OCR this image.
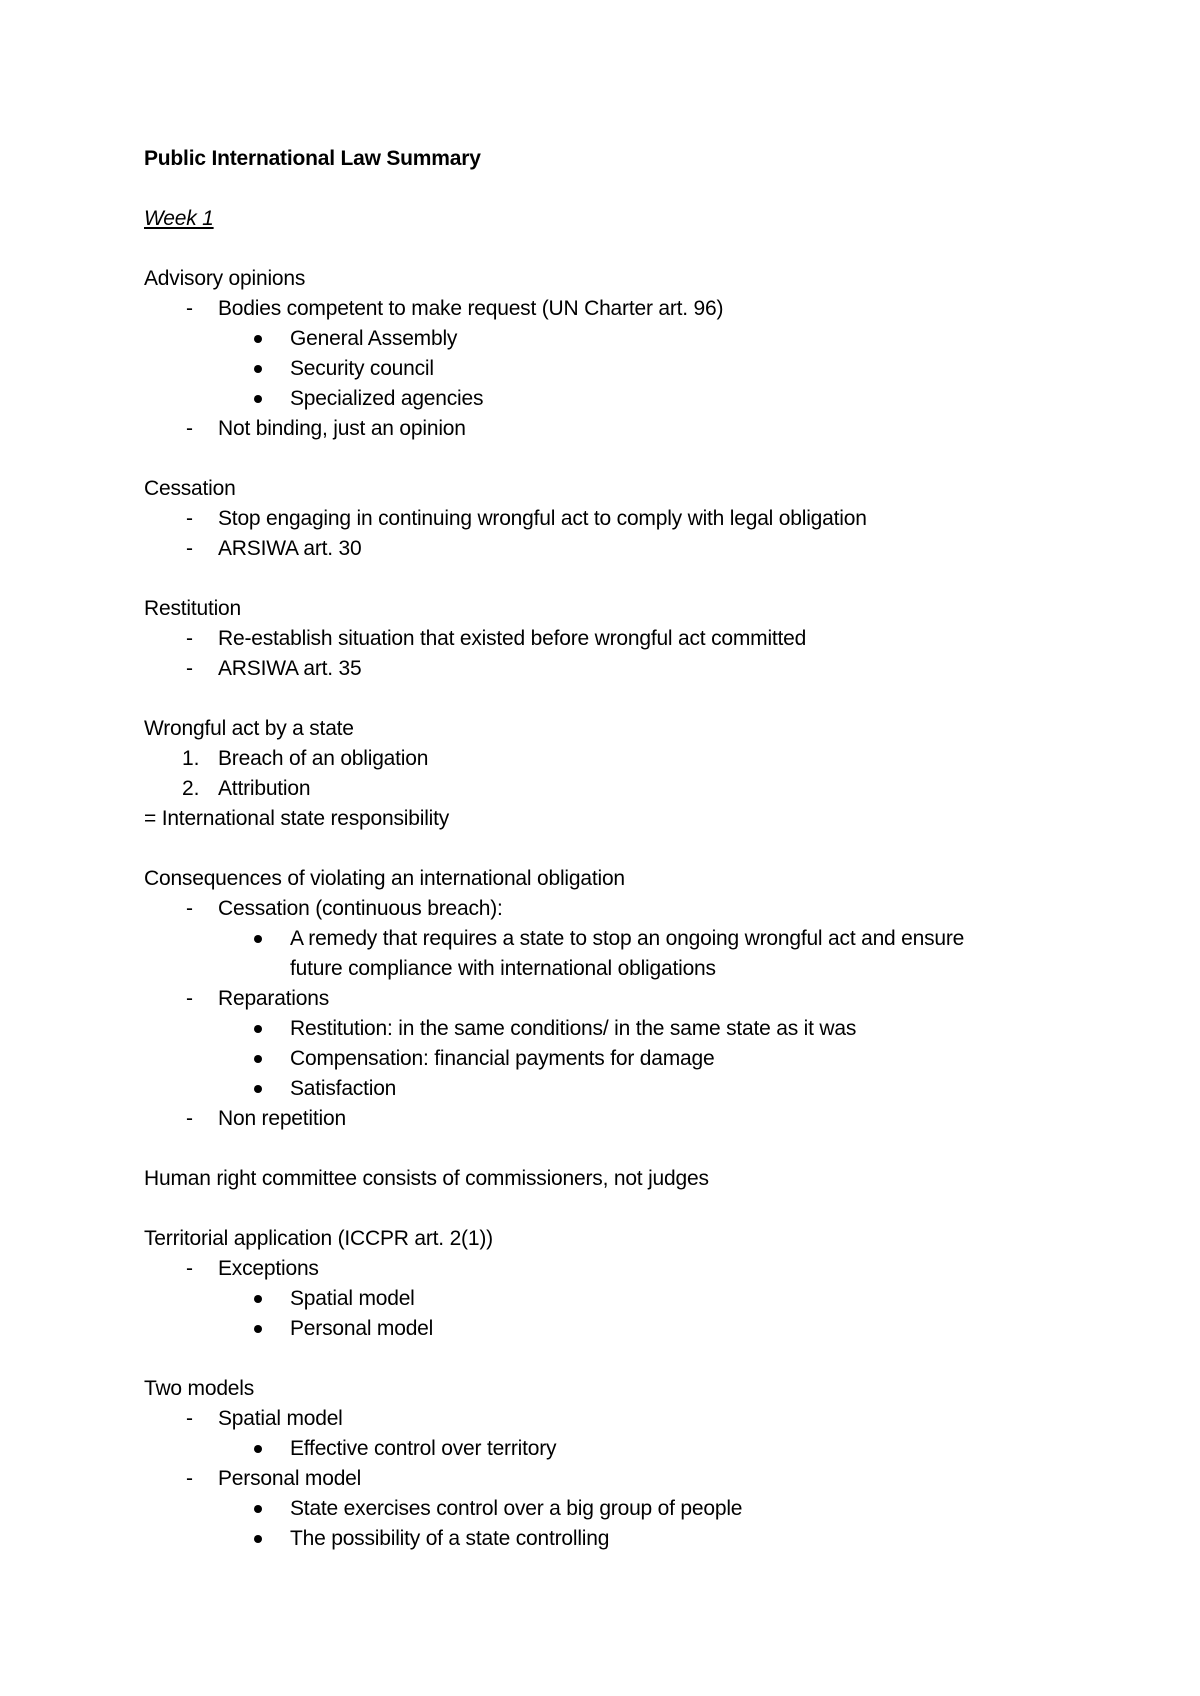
Public International Law Summary
Week 1
Advisory opinions
- Bodies competent to make request (UN Charter art. 96)
General Assembly
Security council
Specialized agencies
- Not binding, just an opinion
Cessation
- Stop engaging in continuing wrongful act to comply with legal obligation
- ARSIWA art. 30
Restitution
- Re-establish situation that existed before wrongful act committed
- ARSIWA art. 35
Wrongful act by a state
1. Breach of an obligation
2. Attribution
= International state responsibility
Consequences of violating an international obligation
- Cessation (continuous breach):
A remedy that requires a state to stop an ongoing wrongful act and ensure
future compliance with international obligations
- Reparations
Restitution: in the same conditions/ in the same state as it was
Compensation: financial payments for damage
Satisfaction
- Non repetition
Human right committee consists of commissioners, not judges
Territorial application (ICCPR art. 2(1))
- Exceptions
Spatial model
Personal model
Two models
- Spatial model
Effective control over territory
- Personal model
State exercises control over a big group of people
The possibility of a state controlling
